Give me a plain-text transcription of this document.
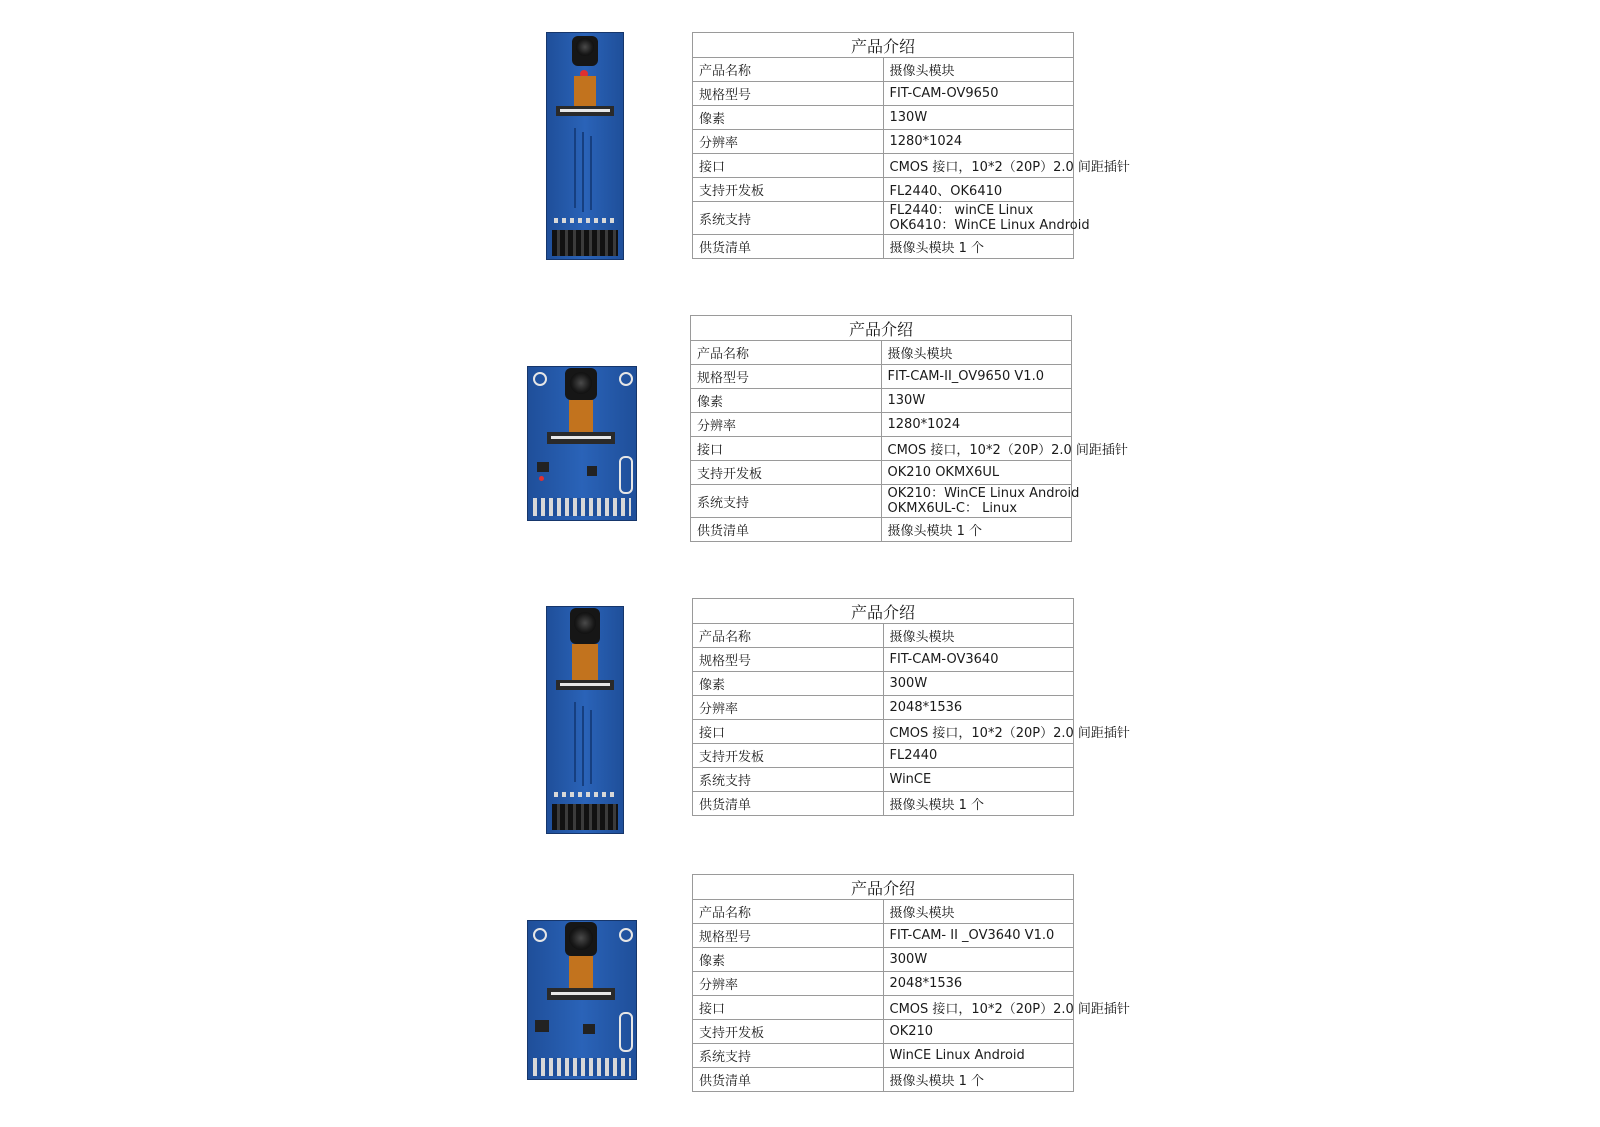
产品介绍	
产品名称	摄像头模块
规格型号	FIT-CAM-OV9650
像素	130W
分辨率	1280*1024
接口	CMOS 接口，10*2（20P）2.0 间距插针
支持开发板	FL2440、OK6410
系统支持	FL2440： winCE Linux
OK6410：WinCE Linux Android

供货清单	摄像头模块 1 个
产品介绍	
产品名称	摄像头模块
规格型号	FIT-CAM-II_OV9650 V1.0
像素	130W
分辨率	1280*1024
接口	CMOS 接口，10*2（20P）2.0 间距插针
支持开发板	OK210 OKMX6UL
系统支持	OK210：WinCE Linux Android
OKMX6UL-C： Linux

供货清单	摄像头模块 1 个
产品介绍	
产品名称	摄像头模块
规格型号	FIT-CAM-OV3640
像素	300W
分辨率	2048*1536
接口	CMOS 接口，10*2（20P）2.0 间距插针
支持开发板	FL2440
系统支持	WinCE
供货清单	摄像头模块 1 个
产品介绍	
产品名称	摄像头模块
规格型号	FIT-CAM- II _OV3640 V1.0
像素	300W
分辨率	2048*1536
接口	CMOS 接口，10*2（20P）2.0 间距插针
支持开发板	OK210
系统支持	WinCE Linux Android
供货清单	摄像头模块 1 个
